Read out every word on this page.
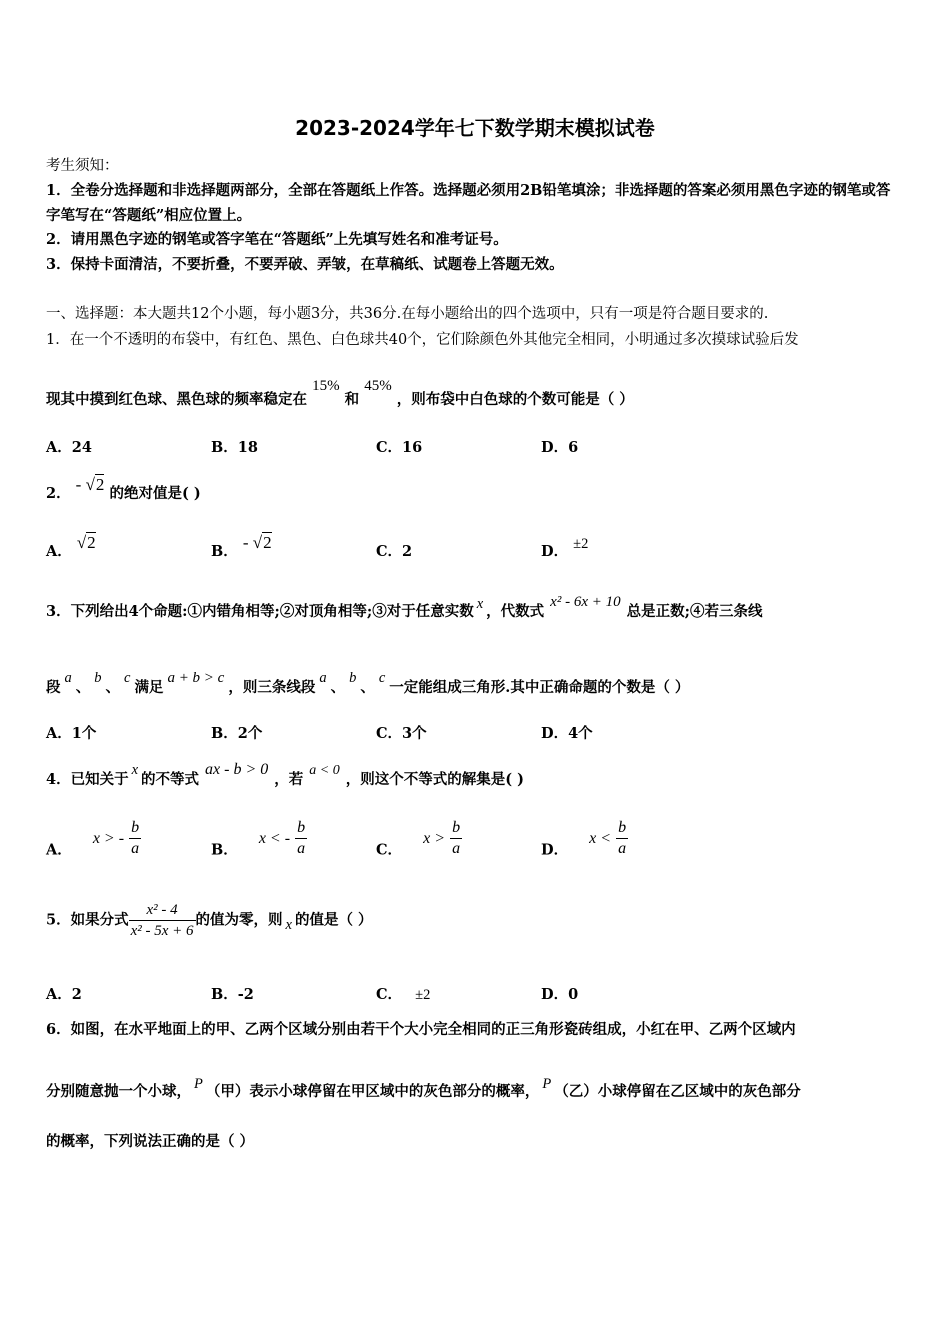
2023-2024学年七下数学期末模拟试卷
考生须知：
1．全卷分选择题和非选择题两部分，全部在答题纸上作答。选择题必须用2B铅笔填涂；非选择题的答案必须用黑色字迹的钢笔或答字笔写在“答题纸”相应位置上。
2．请用黑色字迹的钢笔或答字笔在“答题纸”上先填写姓名和准考证号。
3．保持卡面清洁，不要折叠，不要弄破、弄皱，在草稿纸、试题卷上答题无效。
一、选择题：本大题共12个小题，每小题3分，共36分.在每小题给出的四个选项中，只有一项是符合题目要求的.
1．在一个不透明的布袋中，有红色、黑色、白色球共40个，它们除颜色外其他完全相同，小明通过多次摸球试验后发
现其中摸到红色球、黑色球的频率稳定在 15% 和 45% ，则布袋中白色球的个数可能是（ ）
A．24	B．18	C．16	D．6
2． - √2 的绝对值是( )
A． √2	B． - √2	C．2	D． ±2
3．下列给出4个命题:①内错角相等;②对顶角相等;③对于任意实数 x ，代数式x² - 6x + 10总是正数;④若三条线
段a、b、c满足a + b > c，则三条线段a、b、c一定能组成三角形.其中正确命题的个数是（ ）
A．1个	B．2个	C．3个	D．4个
4．已知关于x的不等式ax - b > 0，若a < 0，则这个不等式的解集是( )
A． x > - $\frac{b}{a}$	B． x < - $\frac{b}{a}$	C． $x > \frac{b}{a}$	D． $x < \frac{b}{a}$
5．如果分式 $\frac{\text{x² - 4}}{\text{x² - 5x + 6}}$ 的值为零，则 x 的值是（ ）
A．2	B．-2	C． ±2	D．0
6．如图，在水平地面上的甲、乙两个区域分别由若干个大小完全相同的正三角形瓷砖组成，小红在甲、乙两个区域内
分别随意抛一个小球， P （甲）表示小球停留在甲区域中的灰色部分的概率， P （乙）小球停留在乙区域中的灰色部分
的概率，下列说法正确的是（ ）
